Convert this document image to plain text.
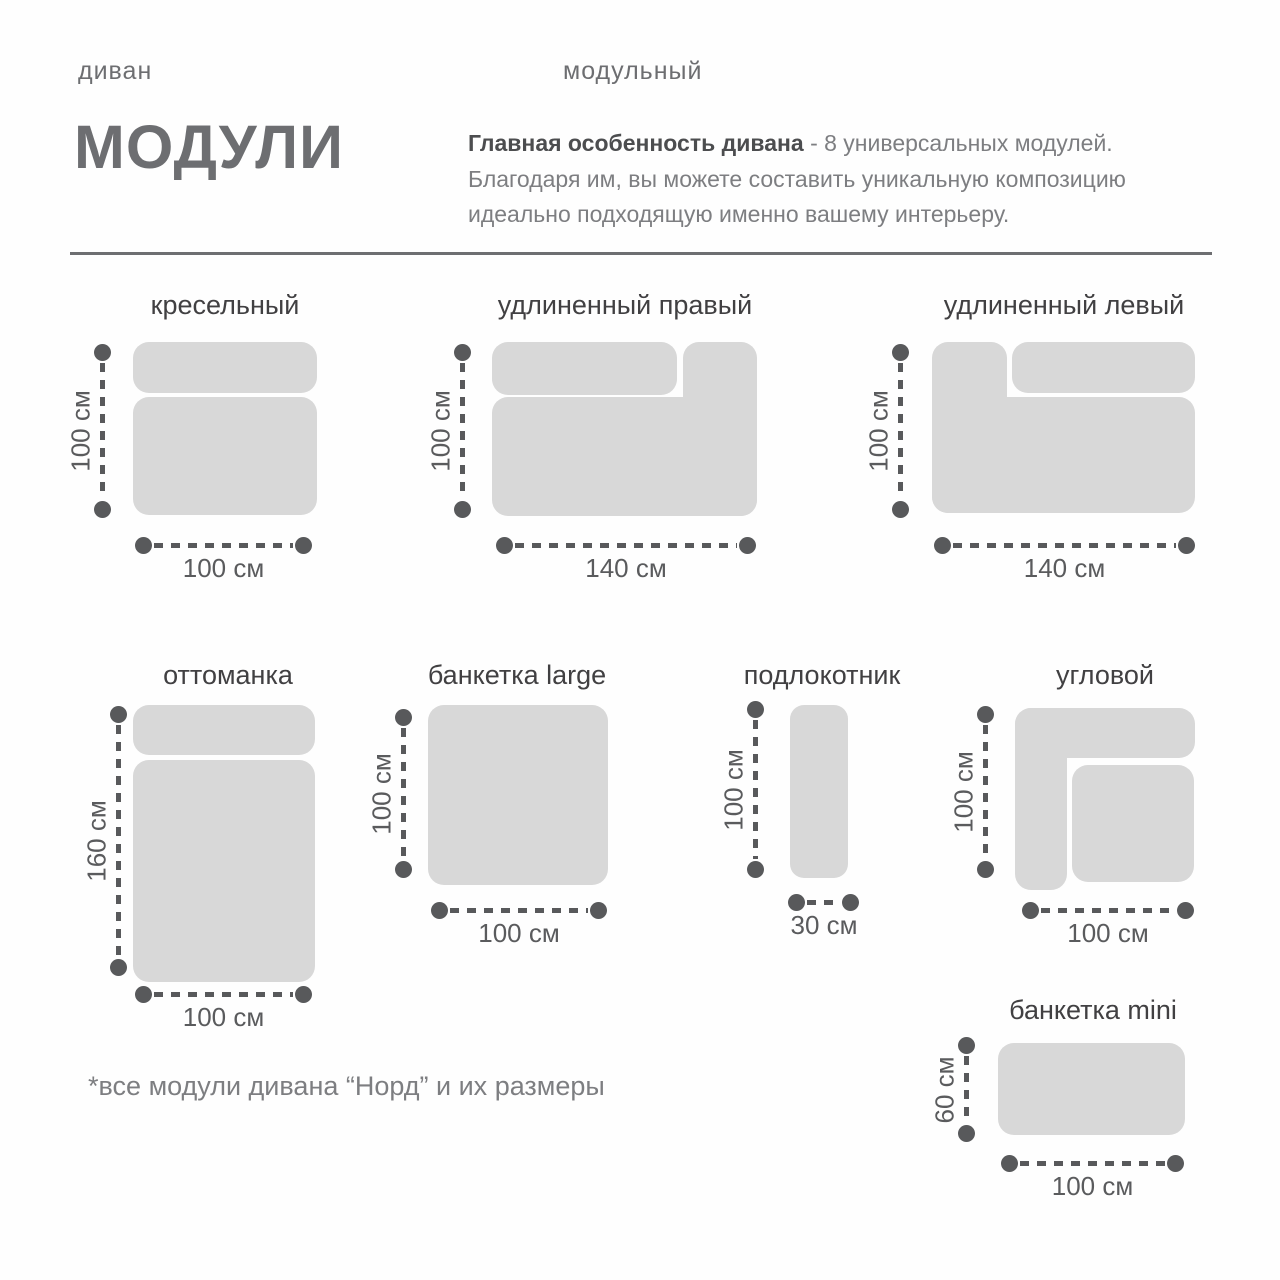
диван	модульный
МОДУЛИ	Главная особенность дивана - 8 универсальных модулей. Благодаря им, вы можете составить уникальную композицию идеально подходящую именно вашему интерьеру.

кресельный
100 см
100 см
удлиненный правый
100 см
140 см
удлиненный левый
100 см
140 см
оттоманка
160 см
100 см
банкетка large
100 см
100 см
подлокотник
100 см
30 см
угловой
100 см
100 см
банкетка mini
60 см
100 см
*все модули дивана “Норд” и их размеры
